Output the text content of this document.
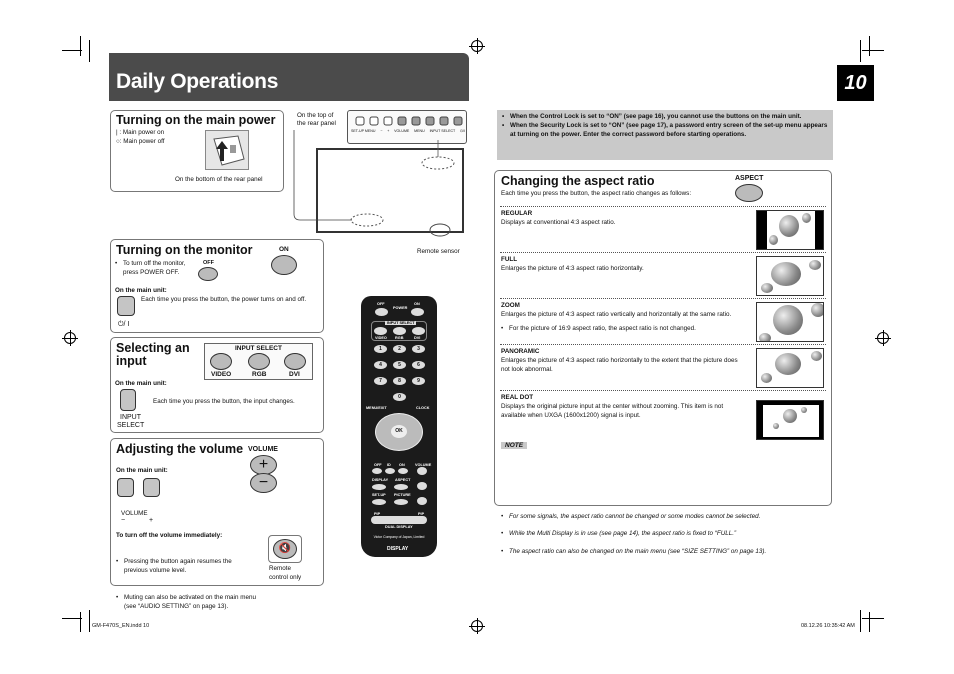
Daily Operations	10
Turning on the main power
| : Main power on
○: Main power off
On the bottom of the rear panel
On the top of
the rear panel
SET-UP MENU − + VOLUME MENU INPUT SELECT ⏻/I
Remote sensor
Turning on the monitor	ON
OFF
• To turn off the monitor, press POWER OFF.
On the main unit:
Each time you press the button, the power turns on and off.
⏻/ I
Selecting an
input
INPUT SELECT
VIDEO	RGB	DVI
On the main unit:
Each time you press the button, the input changes.
INPUT
SELECT
Adjusting the volume VOLUME
+
−
On the main unit:
VOLUME
−	+
To turn off the volume immediately:
• Pressing the button again resumes the previous volume level.
• Muting can also be activated on the main menu (see “AUDIO SETTING” on page 13).
🔇
Remote
control only
OFF
POWER
ON
INPUT SELECT
VIDEO RGB	DVI
1	2	3
4	5	6
7	8	9
0
MENU/EXIT	CLOCK
OK
OFF ID ON	VOLUME
DISPLAY ASPECT
SET-UP PICTURE
PIP	PIP
DUAL DISPLAY
Victor Company of Japan, Limited
DISPLAY
• When the Control Lock is set to “ON” (see page 16), you cannot use the buttons on the main unit.
• When the Security Lock is set to “ON” (see page 17), a password entry screen of the set-up menu appears at turning on the power. Enter the correct password before starting operations.
Changing the aspect ratio	ASPECT
Each time you press the button, the aspect ratio changes as follows:
REGULAR
Displays at conventional 4:3 aspect ratio.
FULL
Enlarges the picture of 4:3 aspect ratio horizontally.
• For the picture of 16:9 aspect ratio, the aspect ratio is not changed.
ZOOM
Enlarges the picture of 4:3 aspect ratio vertically and horizontally at the same ratio.
PANORAMIC
Enlarges the picture of 4:3 aspect ratio horizontally to the extent that the picture does not look abnormal.
REAL DOT
Displays the original picture input at the center without zooming. This item is not available when UXGA (1600x1200) signal is input.
NOTE
• For some signals, the aspect ratio cannot be changed or some modes cannot be selected.
• While the Multi Display is in use (see page 14), the aspect ratio is fixed to “FULL.”
• The aspect ratio can also be changed on the main menu (see “SIZE SETTING” on page 13).
GM-F470S_EN.indd 10	08.12.26 10:35:42 AM
